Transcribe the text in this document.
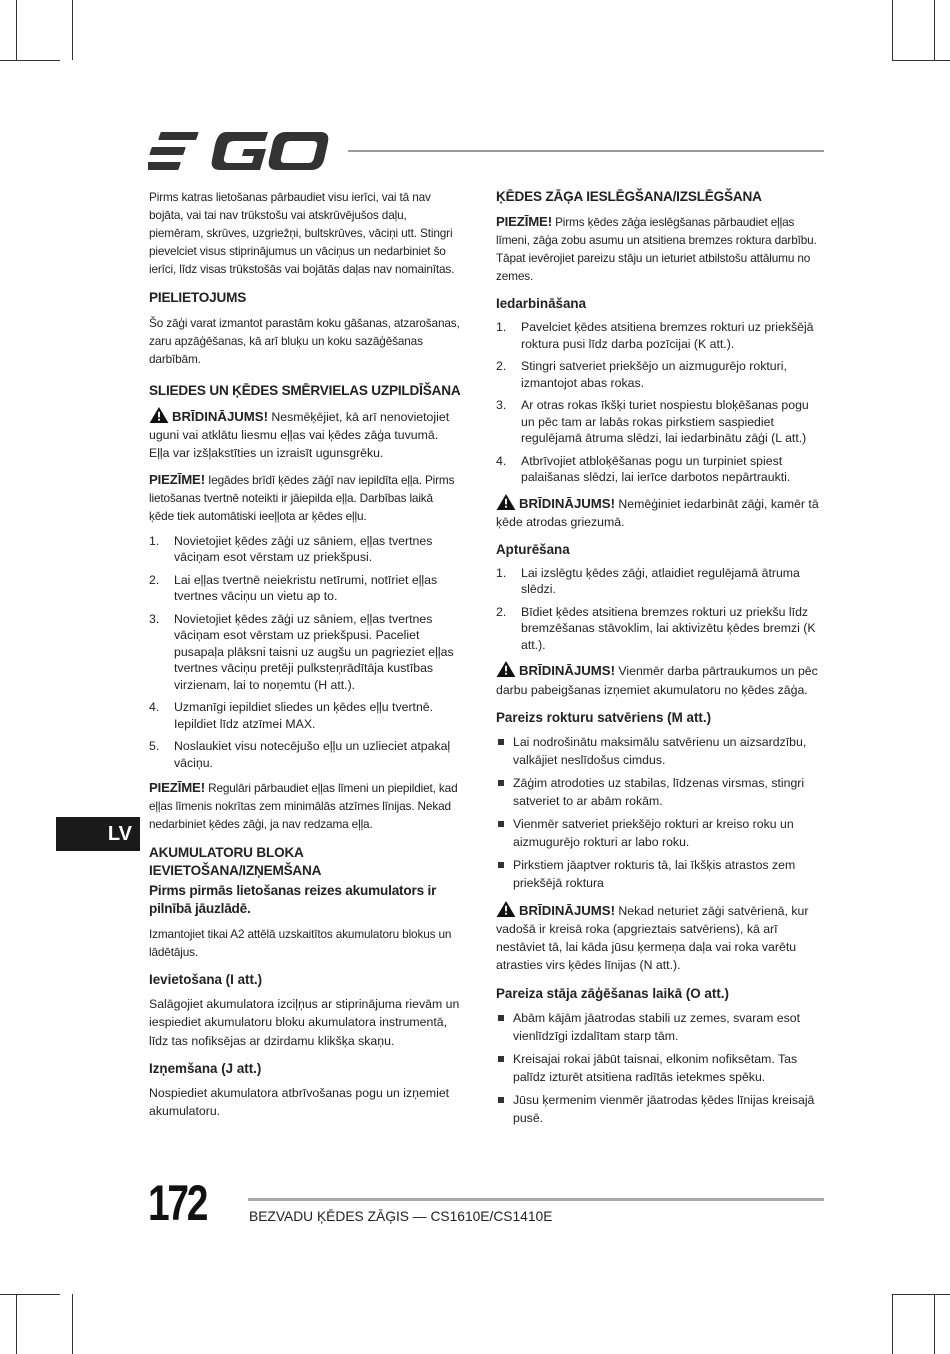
Pirms katras lietošanas pārbaudiet visu ierīci, vai tā nav bojāta, vai tai nav trūkstošu vai atskrūvējušos daļu, piemēram, skrūves, uzgriežņi, bultskrūves, vāciņi utt. Stingri pievelciet visus stiprinājumus un vāciņus un nedarbiniet šo ierīci, līdz visas trūkstošās vai bojātās daļas nav nomainītas.

PIELIETOJUMS

Šo zāģi varat izmantot parastām koku gāšanas, atzarošanas, zaru apzāģēšanas, kā arī bluķu un koku sazāģēšanas darbībām.

SLIEDES UN ĶĒDES SMĒRVIELAS UZPILDĪŠANA

BRĪDINĀJUMS! Nesmēķējiet, kā arī nenovietojiet uguni vai atklātu liesmu eļļas vai ķēdes zāģa tuvumā. Eļļa var izšļakstīties un izraisīt ugunsgrēku.

PIEZĪME! Iegādes brīdī ķēdes zāģī nav iepildīta eļļa. Pirms lietošanas tvertnē noteikti ir jāiepilda eļļa. Darbības laikā ķēde tiek automātiski ieeļļota ar ķēdes eļļu.

1. Novietojiet ķēdes zāģi uz sāniem, eļļas tvertnes vāciņam esot vērstam uz priekšpusi.
2. Lai eļļas tvertnē neiekristu netīrumi, notīriet eļļas tvertnes vāciņu un vietu ap to.
3. Novietojiet ķēdes zāģi uz sāniem, eļļas tvertnes vāciņam esot vērstam uz priekšpusi. Paceliet pusapaļa plāksni taisni uz augšu un pagrieziet eļļas tvertnes vāciņu pretēji pulksteņrādītāja kustības virzienam, lai to noņemtu (H att.).
4. Uzmanīgi iepildiet sliedes un ķēdes eļļu tvertnē. Iepildiet līdz atzīmei MAX.
5. Noslaukiet visu notecējušo eļļu un uzlieciet atpakaļ vāciņu.

PIEZĪME! Regulāri pārbaudiet eļļas līmeni un piepildiet, kad eļļas līmenis nokrītas zem minimālās atzīmes līnijas. Nekad nedarbiniet ķēdes zāģi, ja nav redzama eļļa.

AKUMULATORU BLOKA IEVIETOŠANA/IZŅEMŠANA
Pirms pirmās lietošanas reizes akumulators ir pilnībā jāuzlādē.

Izmantojiet tikai A2 attēlā uzskaitītos akumulatoru blokus un lādētājus.

Ievietošana (I att.)

Salāgojiet akumulatora izciļņus ar stiprinājuma rievām un iespiediet akumulatoru bloku akumulatora instrumentā, līdz tas nofiksējas ar dzirdamu klikšķa skaņu.

Izņemšana (J att.)

Nospiediet akumulatora atbrīvošanas pogu un izņemiet akumulatoru.

ĶĒDES ZĀĢA IESLĒGŠANA/IZSLĒGŠANA

PIEZĪME! Pirms ķēdes zāģa ieslēgšanas pārbaudiet eļļas līmeni, zāģa zobu asumu un atsitiena bremzes roktura darbību. Tāpat ievērojiet pareizu stāju un ieturiet atbilstošu attālumu no zemes.

Iedarbināšana
1. Pavelciet ķēdes atsitiena bremzes rokturi uz priekšējā roktura pusi līdz darba pozīcijai (K att.).
2. Stingri satveriet priekšējo un aizmugurējo rokturi, izmantojot abas rokas.
3. Ar otras rokas īkšķi turiet nospiestu bloķēšanas pogu un pēc tam ar labās rokas pirkstiem saspiediet regulējamā ātruma slēdzi, lai iedarbinātu zāģi (L att.)
4. Atbrīvojiet atbloķēšanas pogu un turpiniet spiest palaišanas slēdzi, lai ierīce darbotos nepārtraukti.

BRĪDINĀJUMS! Nemēģiniet iedarbināt zāģi, kamēr tā ķēde atrodas griezumā.

Apturēšana
1. Lai izslēgtu ķēdes zāģi, atlaidiet regulējamā ātruma slēdzi.
2. Bīdiet ķēdes atsitiena bremzes rokturi uz priekšu līdz bremzēšanas stāvoklim, lai aktivizētu ķēdes bremzi (K att.).

BRĪDINĀJUMS! Vienmēr darba pārtraukumos un pēc darbu pabeigšanas izņemiet akumulatoru no ķēdes zāģa.

Pareizs rokturu satvēriens (M att.)
Lai nodrošinātu maksimālu satvērienu un aizsardzību, valkājiet neslīdošus cimdus.
Zāģim atrodoties uz stabilas, līdzenas virsmas, stingri satveriet to ar abām rokām.
Vienmēr satveriet priekšējo rokturi ar kreiso roku un aizmugurējo rokturi ar labo roku.
Pirkstiem jāaptver rokturis tā, lai īkšķis atrastos zem priekšējā roktura

BRĪDINĀJUMS! Nekad neturiet zāģi satvērienā, kur vadošā ir kreisā roka (apgrieztais satvēriens), kā arī nestāviet tā, lai kāda jūsu ķermeņa daļa vai roka varētu atrasties virs ķēdes līnijas (N att.).

Pareiza stāja zāģēšanas laikā (O att.)
Abām kājām jāatrodas stabili uz zemes, svaram esot vienlīdzīgi izdalītam starp tām.
Kreisajai rokai jābūt taisnai, elkonim nofiksētam. Tas palīdz izturēt atsitiena radītās ietekmes spēku.
Jūsu ķermenim vienmēr jāatrodas ķēdes līnijas kreisajā pusē.
LV
172	BEZVADU ĶĒDES ZĀĢIS — CS1610E/CS1410E
